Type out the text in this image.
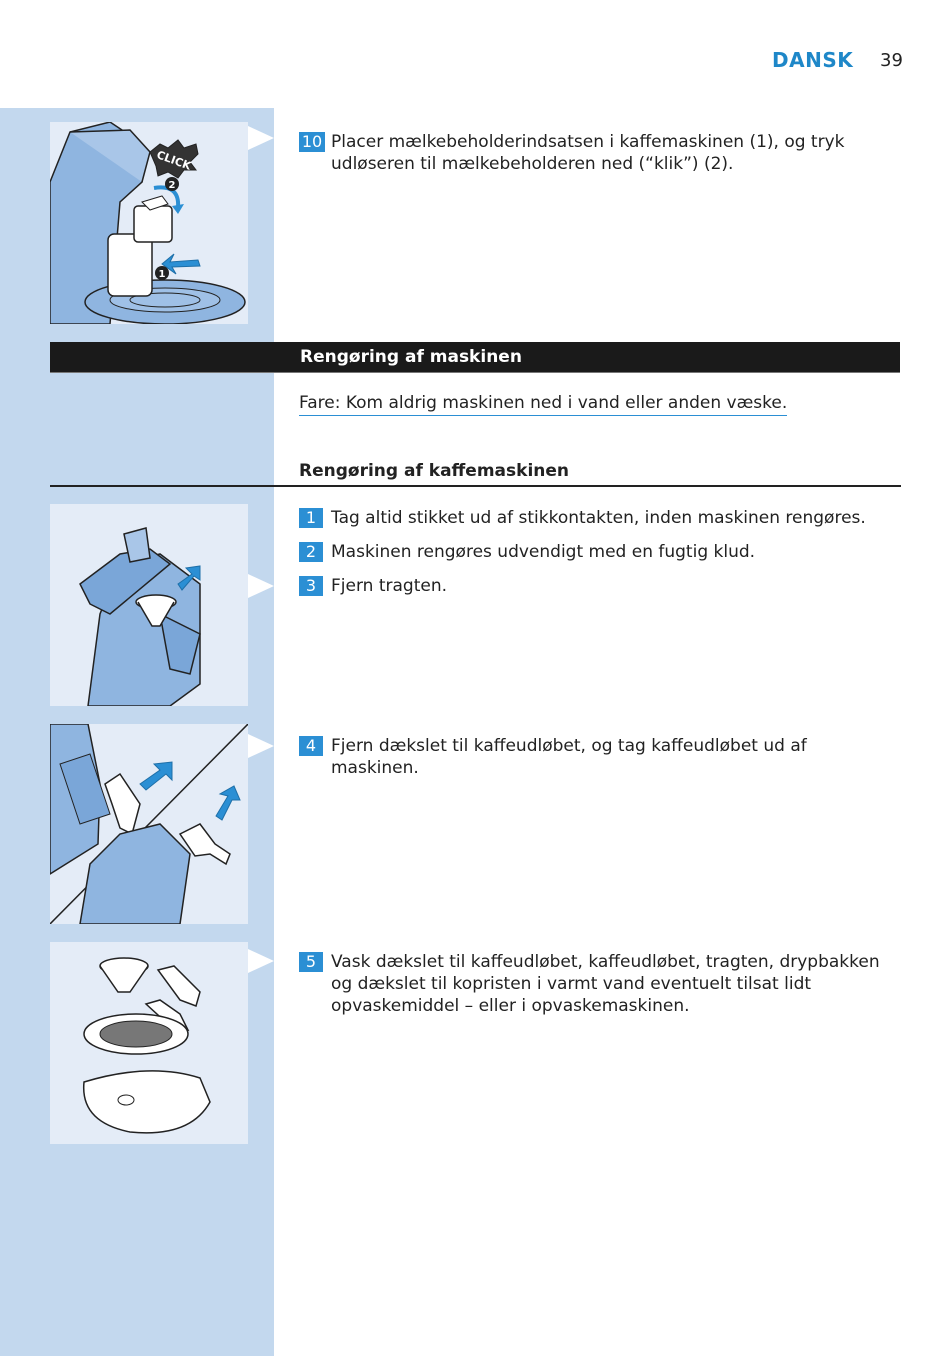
DANSK 39
1
2
CLICK
10 Placer mælkebeholderindsatsen i kaffemaskinen (1), og tryk udløseren til mælkebeholderen ned (“klik”) (2).
Rengøring af maskinen
Fare: Kom aldrig maskinen ned i vand eller anden væske.
Rengøring af kaffemaskinen
1 Tag altid stikket ud af stikkontakten, inden maskinen rengøres.
2 Maskinen rengøres udvendigt med en fugtig klud.
3 Fjern tragten.
4 Fjern dækslet til kaffeudløbet, og tag kaffeudløbet ud af maskinen.
5 Vask dækslet til kaffeudløbet, kaffeudløbet, tragten, drypbakken og dækslet til kopristen i varmt vand eventuelt tilsat lidt opvaskemiddel – eller i opvaskemaskinen.
